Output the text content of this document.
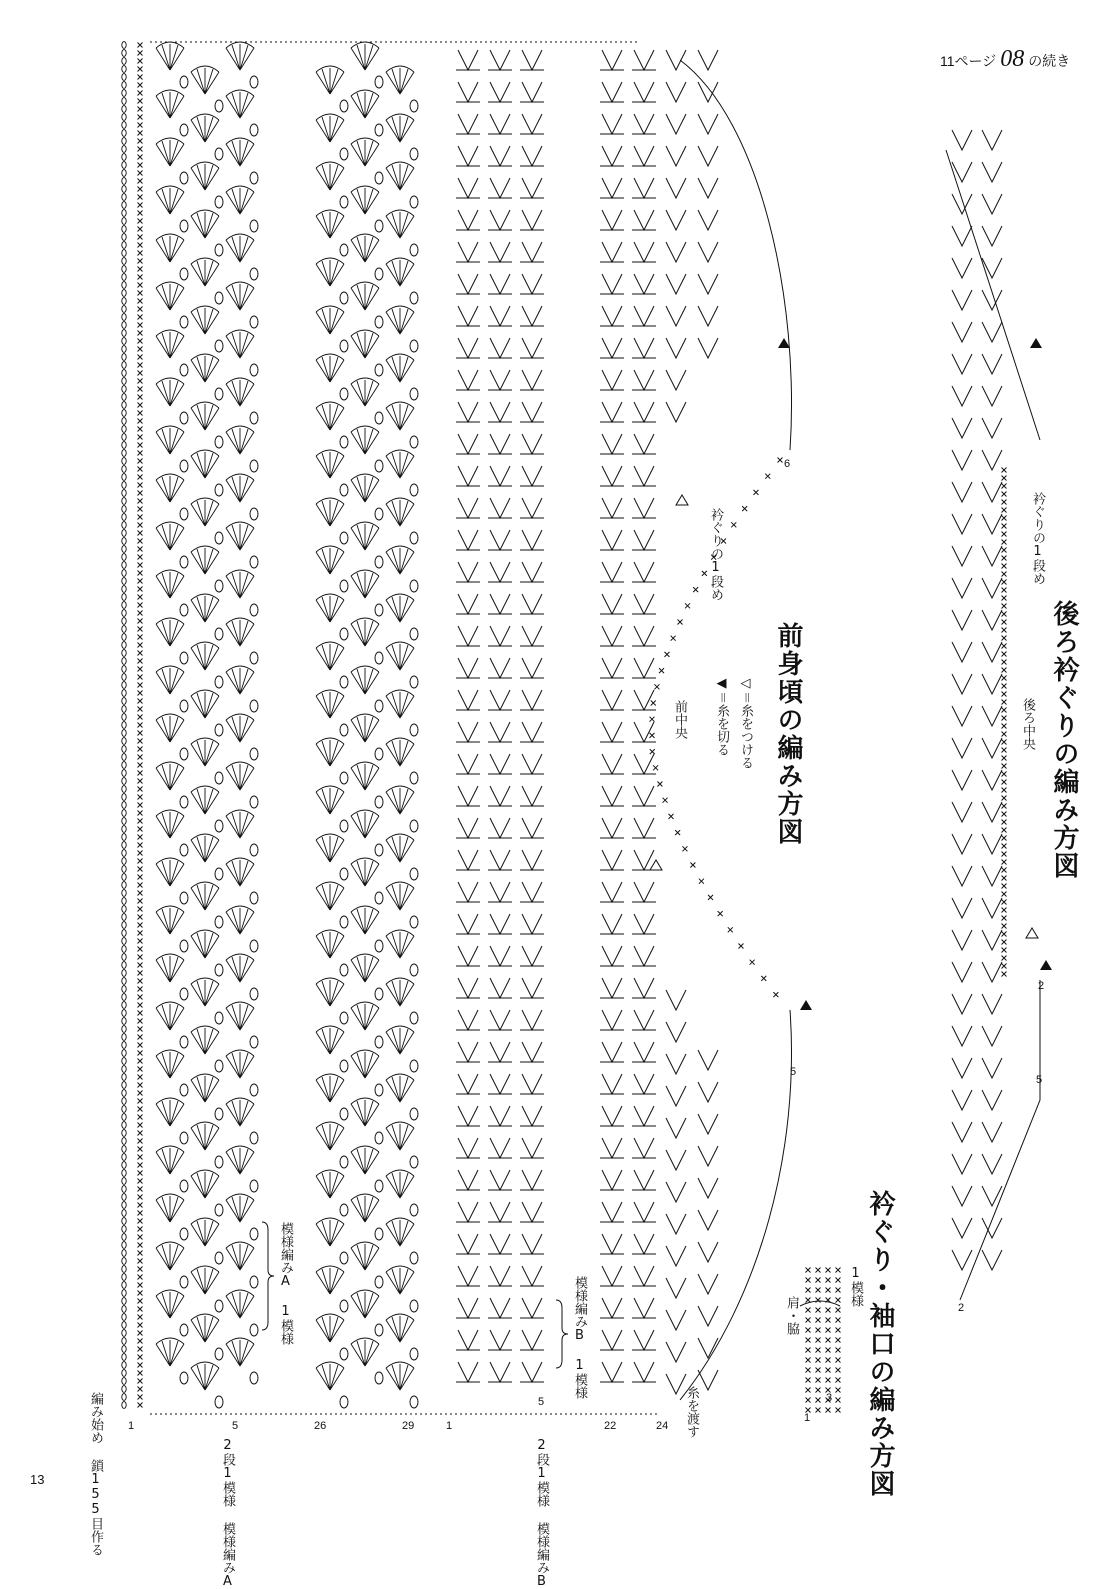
11ページ 08 の続き
前身頃の編み方図	後ろ衿ぐりの編み方図
衿ぐり・袖口の編み方図
◁＝糸をつける
◀＝糸を切る
前中央	後ろ中央
衿ぐりの1段め	衿ぐりの1段め
模様編みA 1模様	模様編みB 1模様
2段1模様 模様編みA	2段1模様 模様編みB
編み始め 鎖155目作る	糸を渡す
1模様
肩・脇
26	29	22	24
1	1
5
5
6
5
5
2
2
3
1
13
